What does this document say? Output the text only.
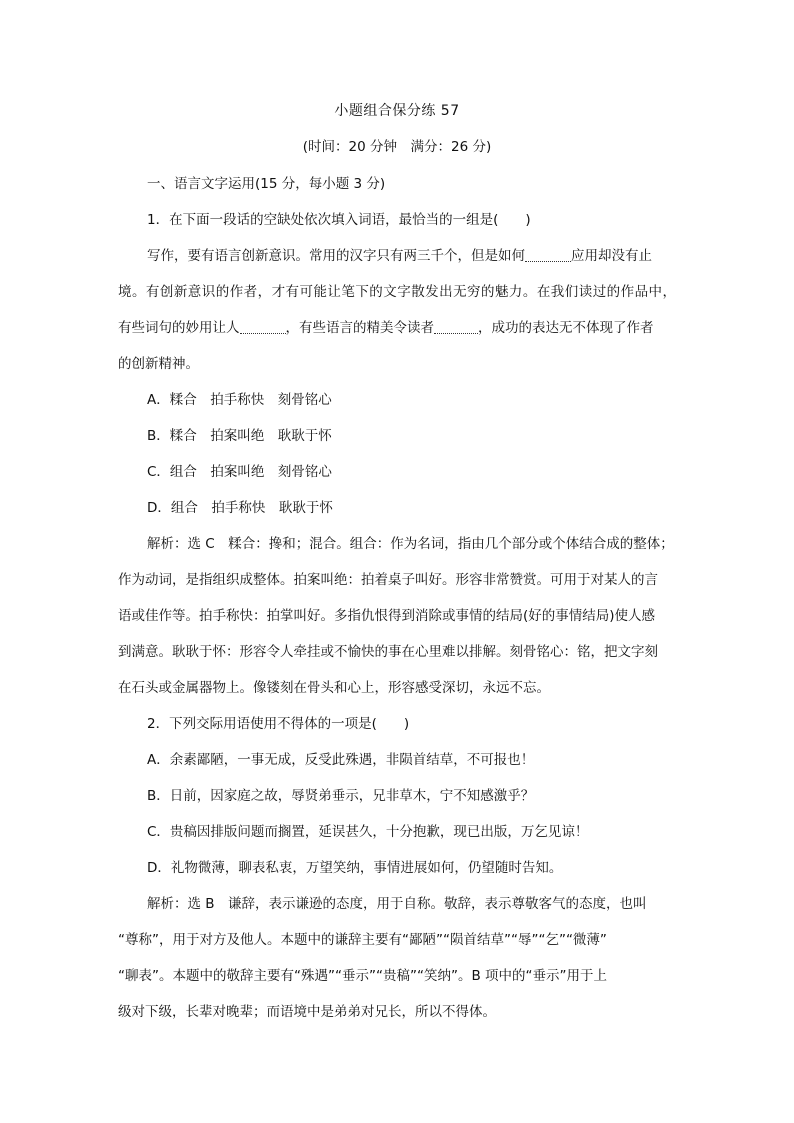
小题组合保分练 57
(时间：20 分钟　满分：26 分)
一、语言文字运用(15 分，每小题 3 分)
1．在下面一段话的空缺处依次填入词语，最恰当的一组是(　　)
写作，要有语言创新意识。常用的汉字只有两三千个，但是如何	应用却没有止
境。有创新意识的作者，才有可能让笔下的文字散发出无穷的魅力。在我们读过的作品中，
有些词句的妙用让人	，有些语言的精美令读者	，成功的表达无不体现了作者
的创新精神。
A．糅合　拍手称快　刻骨铭心
B．糅合　拍案叫绝　耿耿于怀
C．组合　拍案叫绝　刻骨铭心
D．组合　拍手称快　耿耿于怀
解析：选 C　糅合：搀和；混合。组合：作为名词，指由几个部分或个体结合成的整体；
作为动词，是指组织成整体。拍案叫绝：拍着桌子叫好。形容非常赞赏。可用于对某人的言
语或佳作等。拍手称快：拍掌叫好。多指仇恨得到消除或事情的结局(好的事情结局)使人感
到满意。耿耿于怀：形容令人牵挂或不愉快的事在心里难以排解。刻骨铭心：铭，把文字刻
在石头或金属器物上。像镂刻在骨头和心上，形容感受深切，永远不忘。
2．下列交际用语使用不得体的一项是(　　)
A．余素鄙陋，一事无成，反受此殊遇，非陨首结草，不可报也！
B．日前，因家庭之故，辱贤弟垂示，兄非草木，宁不知感激乎？
C．贵稿因排版问题而搁置，延误甚久，十分抱歉，现已出版，万乞见谅！
D．礼物微薄，聊表私衷，万望笑纳，事情进展如何，仍望随时告知。
解析：选 B　谦辞，表示谦逊的态度，用于自称。敬辞，表示尊敬客气的态度，也叫
“尊称”，用于对方及他人。本题中的谦辞主要有“鄙陋”“陨首结草”“辱”“乞”“微薄”
“聊表”。本题中的敬辞主要有“殊遇”“垂示”“贵稿”“笑纳”。B 项中的“垂示”用于上
级对下级，长辈对晚辈；而语境中是弟弟对兄长，所以不得体。
